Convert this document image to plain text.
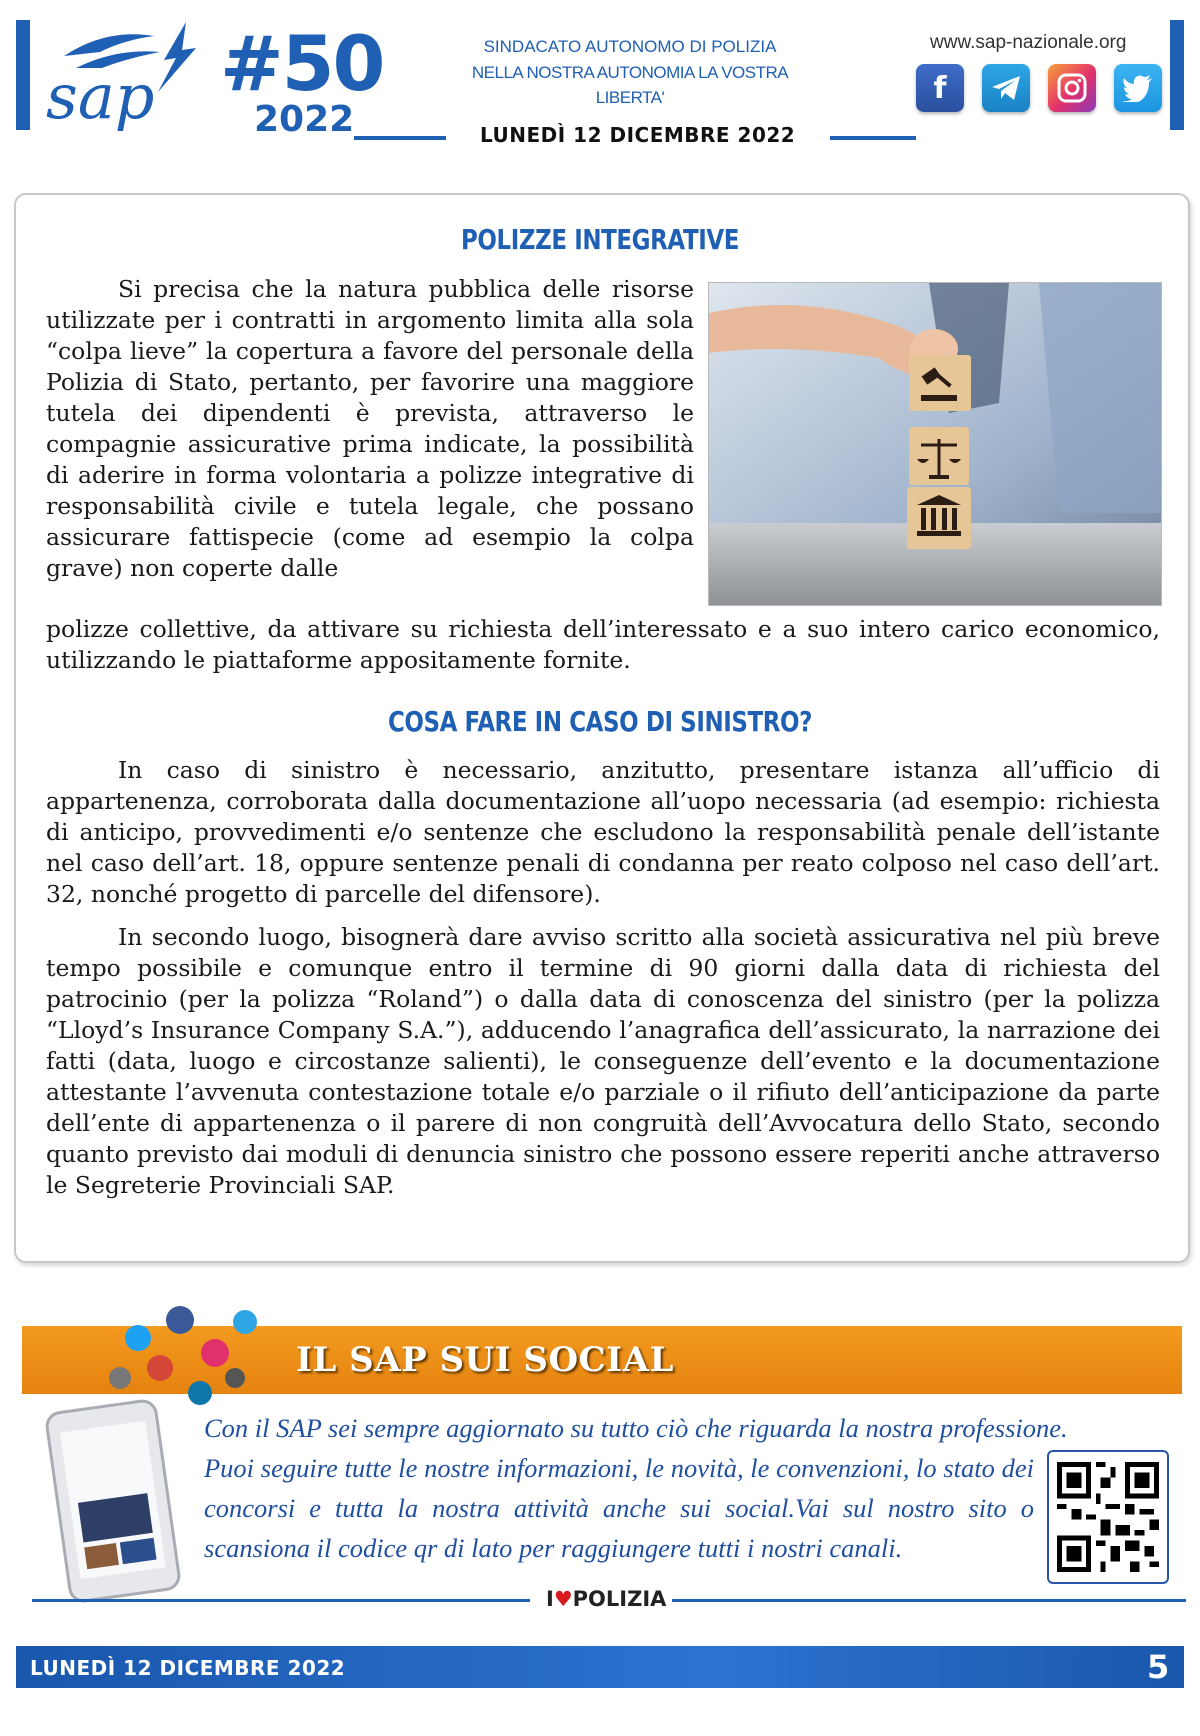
sap #50
2022
SINDACATO AUTONOMO DI POLIZIA
NELLA NOSTRA AUTONOMIA LA VOSTRA LIBERTA'
LUNEDÌ 12 DICEMBRE 2022
www.sap-nazionale.org
f
POLIZZE INTEGRATIVE
Si precisa che la natura pubblica delle risorse utilizzate per i contratti in argomento limita alla sola “colpa lieve” la copertura a favore del personale della Polizia di Stato, pertanto, per favorire una maggiore tutela dei dipendenti è prevista, attraverso le compagnie assicurative prima indicate, la possibilità di aderire in forma volontaria a polizze integrative di responsabilità civile e tutela legale, che possano assicurare fattispecie (come ad esempio la colpa grave) non coperte dalle
polizze collettive, da attivare su richiesta dell’interessato e a suo intero carico economico, utilizzando le piattaforme appositamente fornite.
COSA FARE IN CASO DI SINISTRO?
In caso di sinistro è necessario, anzitutto, presentare istanza all’ufficio di appartenenza, corroborata dalla documentazione all’uopo necessaria (ad esempio: richiesta di anticipo, provvedimenti e/o sentenze che escludono la responsabilità penale dell’istante nel caso dell’art. 18, oppure sentenze penali di condanna per reato colposo nel caso dell’art. 32, nonché progetto di parcelle del difensore).
In secondo luogo, bisognerà dare avviso scritto alla società assicurativa nel più breve tempo possibile e comunque entro il termine di 90 giorni dalla data di richiesta del patrocinio (per la polizza “Roland”) o dalla data di conoscenza del sinistro (per la polizza “Lloyd’s Insurance Company S.A.”), adducendo l’anagrafica dell’assicurato, la narrazione dei fatti (data, luogo e circostanze salienti), le conseguenze dell’evento e la documentazione attestante l’avvenuta contestazione totale e/o parziale o il rifiuto dell’anticipazione da parte dell’ente di appartenenza o il parere di non congruità dell’Avvocatura dello Stato, secondo quanto previsto dai moduli di denuncia sinistro che possono essere reperiti anche attraverso le Segreterie Provinciali SAP.
IL SAP SUI SOCIAL
Con il SAP sei sempre aggiornato su tutto ciò che riguarda la nostra professione.
Puoi seguire tutte le nostre informazioni, le novità, le convenzioni, lo stato dei concorsi e tutta la nostra attività anche sui social.Vai sul nostro sito o scansiona il codice qr di lato per raggiungere tutti i nostri canali.
I♥POLIZIA
LUNEDÌ 12 DICEMBRE 2022	5
